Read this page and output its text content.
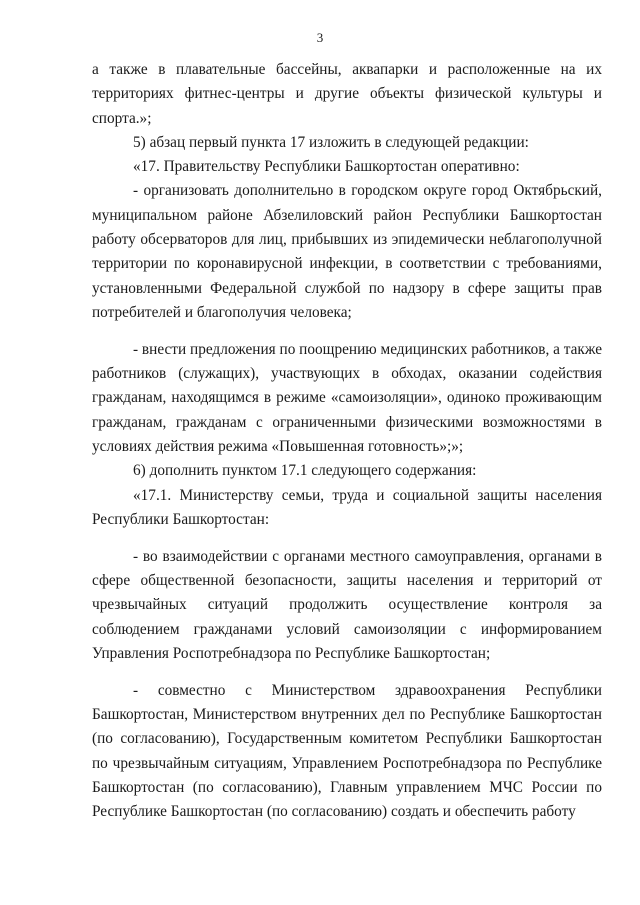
3

а также в плавательные бассейны, аквапарки и расположенные на их территориях фитнес-центры и другие объекты физической культуры и спорта.»;

5) абзац первый пункта 17 изложить в следующей редакции:

«17. Правительству Республики Башкортостан оперативно:

- организовать дополнительно в городском округе город Октябрьский, муниципальном районе Абзелиловский район Республики Башкортостан работу обсерваторов для лиц, прибывших из эпидемически неблагополучной территории по коронавирусной инфекции, в соответствии с требованиями, установленными Федеральной службой по надзору в сфере защиты прав потребителей и благополучия человека;

- внести предложения по поощрению медицинских работников, а также работников (служащих), участвующих в обходах, оказании содействия гражданам, находящимся в режиме «самоизоляции», одиноко проживающим гражданам, гражданам с ограниченными физическими возможностями в условиях действия режима «Повышенная готовность»;»;

6) дополнить пунктом 17.1 следующего содержания:

«17.1. Министерству семьи, труда и социальной защиты населения Республики Башкортостан:

- во взаимодействии с органами местного самоуправления, органами в сфере общественной безопасности, защиты населения и территорий от чрезвычайных ситуаций продолжить осуществление контроля за соблюдением гражданами условий самоизоляции с информированием Управления Роспотребнадзора по Республике Башкортостан;

- совместно с Министерством здравоохранения Республики Башкортостан, Министерством внутренних дел по Республике Башкортостан (по согласованию), Государственным комитетом Республики Башкортостан по чрезвычайным ситуациям, Управлением Роспотребнадзора по Республике Башкортостан (по согласованию), Главным управлением МЧС России по Республике Башкортостан (по согласованию) создать и обеспечить работу
